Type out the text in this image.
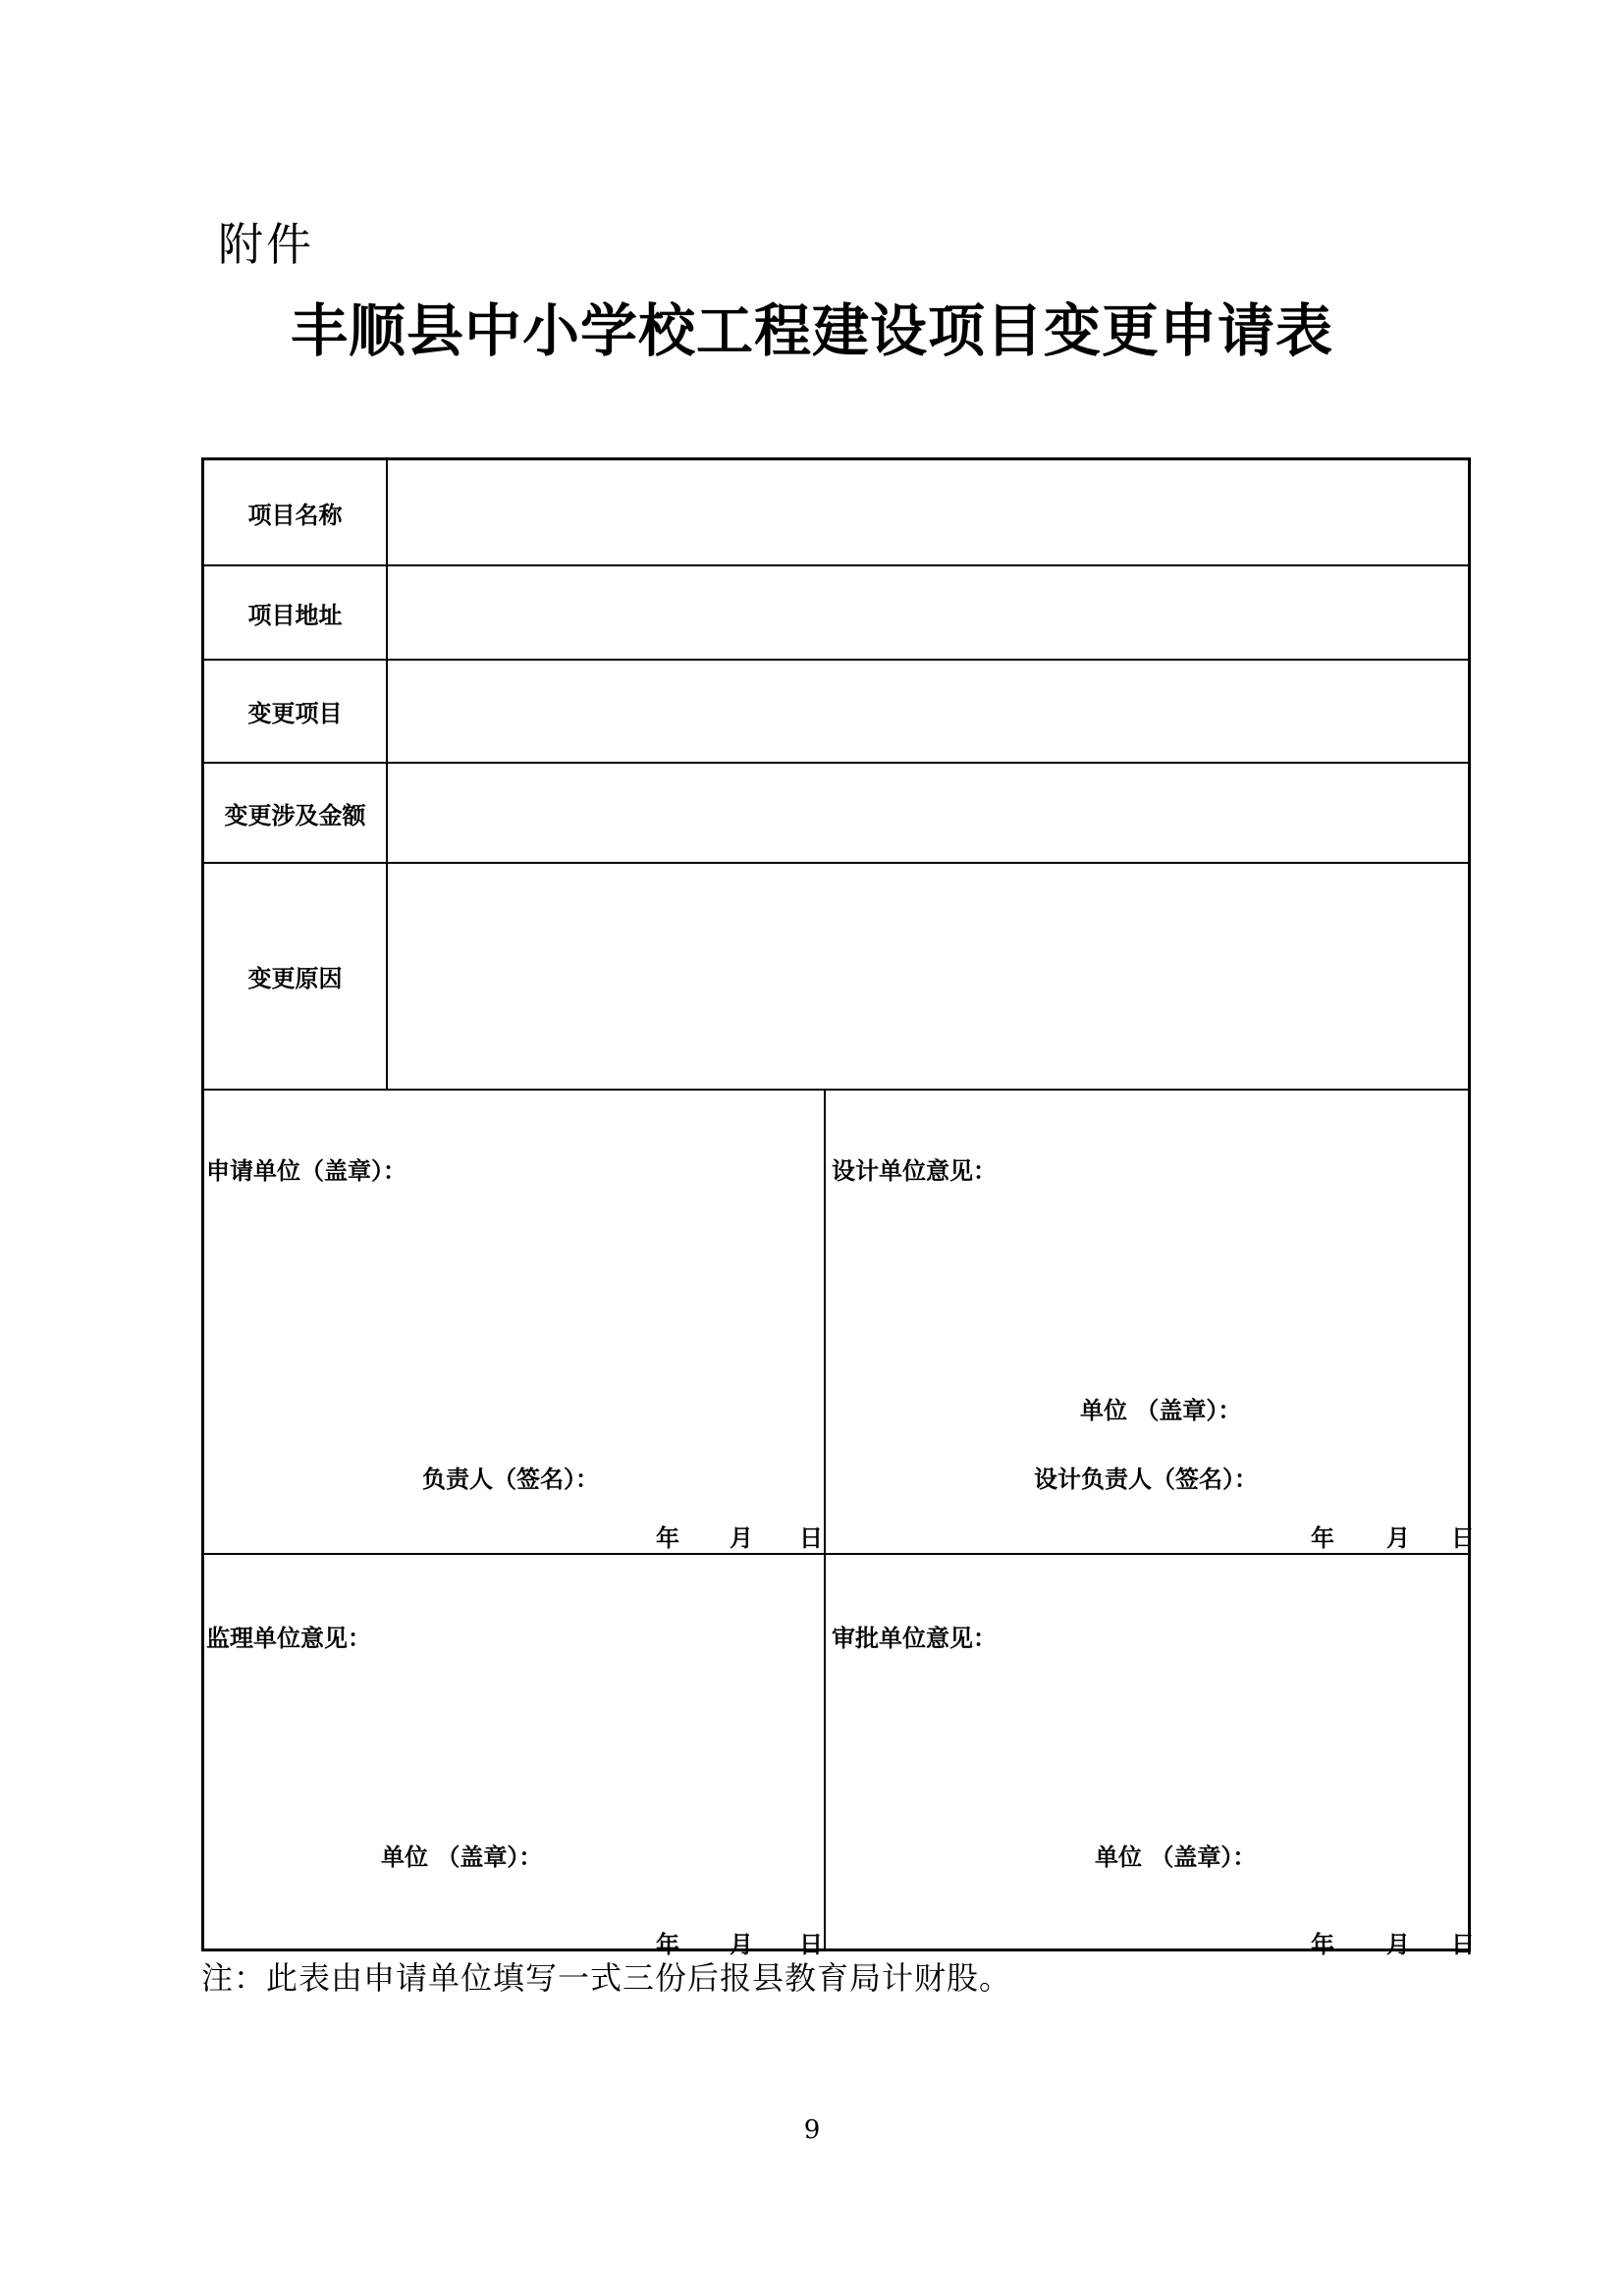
附件
丰顺县中小学校工程建设项目变更申请表
项目名称
项目地址
变更项目
变更涉及金额
变更原因
申请单位（盖章）：
负责人（签名）：
年 月 日
设计单位意见：
单位 （盖章）：
设计负责人（签名）：
年 月 日
监理单位意见：
单位 （盖章）：
年 月 日
审批单位意见：
单位 （盖章）：
年 月 日
注：此表由申请单位填写一式三份后报县教育局计财股。
9
